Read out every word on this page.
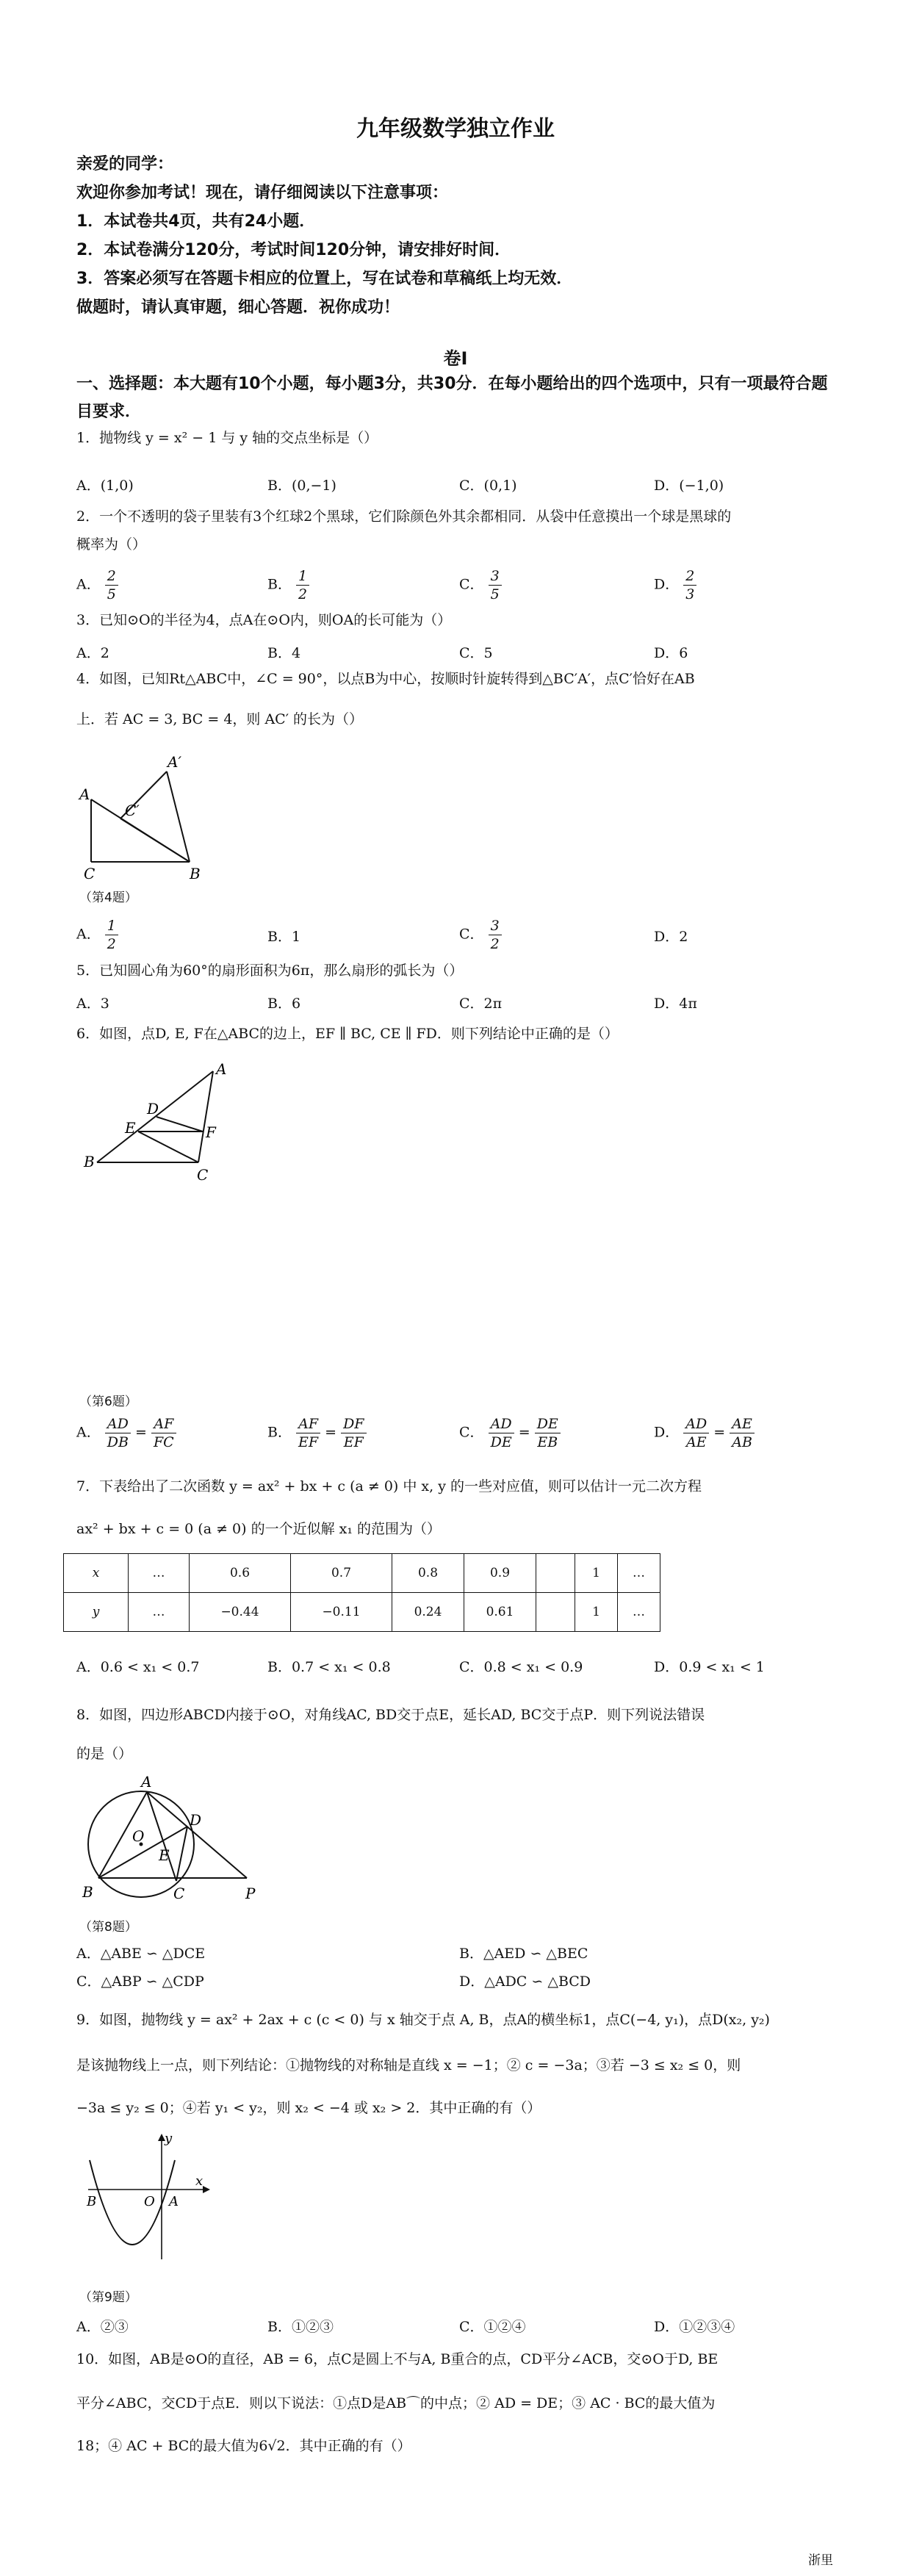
九年级数学独立作业
亲爱的同学：
欢迎你参加考试！现在，请仔细阅读以下注意事项：
1．本试卷共4页，共有24小题．
2．本试卷满分120分，考试时间120分钟，请安排好时间．
3．答案必须写在答题卡相应的位置上，写在试卷和草稿纸上均无效．
做题时，请认真审题，细心答题．祝你成功！
卷Ⅰ
一、选择题：本大题有10个小题，每小题3分，共30分．在每小题给出的四个选项中，只有一项最符合题目要求．
1．抛物线 y = x² − 1 与 y 轴的交点坐标是（）
A．(1,0)	B．(0,−1)	C．(0,1)	D．(−1,0)
2．一个不透明的袋子里装有3个红球2个黑球，它们除颜色外其余都相同．从袋中任意摸出一个球是黑球的
概率为（）
A． $\frac{2}{5}$	B． $\frac{1}{2}$	C． $\frac{3}{5}$	D． $\frac{2}{3}$
3．已知⊙O的半径为4，点A在⊙O内，则OA的长可能为（）
A．2	B．4	C．5	D．6
4．如图，已知Rt△ABC中，∠C = 90°，以点B为中心，按顺时针旋转得到△BC′A′，点C′恰好在AB
上．若 AC = 3, BC = 4，则 AC′ 的长为（）
A′
A
C′
C	B
（第4题）
A． $\frac{1}{2}$	B．1	C． $\frac{3}{2}$	D．2
5．已知圆心角为60°的扇形面积为6π，那么扇形的弧长为（）
A．3	B．6	C．2π	D．4π
6．如图，点D, E, F在△ABC的边上，EF ∥ BC, CE ∥ FD．则下列结论中正确的是（）
A
D
E	F
B
C
（第6题）
A． $\frac{AD}{DB} = \frac{AF}{FC}$	B． $\frac{AF}{EF} = \frac{DF}{EF}$	C． $\frac{AD}{DE} = \frac{DE}{EB}$	D． $\frac{AD}{AE} = \frac{AE}{AB}$
7．下表给出了二次函数 y = ax² + bx + c (a ≠ 0) 中 x, y 的一些对应值，则可以估计一元二次方程
ax² + bx + c = 0 (a ≠ 0) 的一个近似解 x₁ 的范围为（）
x	…	0.6	0.7	0.8	0.9		1	…
y	…	−0.44	−0.11	0.24	0.61		1	…
A．0.6 < x₁ < 0.7	B．0.7 < x₁ < 0.8	C．0.8 < x₁ < 0.9	D．0.9 < x₁ < 1
8．如图，四边形ABCD内接于⊙O，对角线AC, BD交于点E，延长AD, BC交于点P．则下列说法错误
的是（）
A
O
D
E
B	C	P
（第8题）
A．△ABE ∽ △DCE	B．△AED ∽ △BEC
C．△ABP ∽ △CDP	D．△ADC ∽ △BCD
9．如图，抛物线 y = ax² + 2ax + c (c < 0) 与 x 轴交于点 A, B，点A的横坐标1，点C(−4, y₁)，点D(x₂, y₂)
是该抛物线上一点，则下列结论：①抛物线的对称轴是直线 x = −1；② c = −3a；③若 −3 ≤ x₂ ≤ 0，则
−3a ≤ y₂ ≤ 0；④若 y₁ < y₂，则 x₂ < −4 或 x₂ > 2．其中正确的有（）
y
x
B	O A
（第9题）
A．②③	B．①②③	C．①②④	D．①②③④
10．如图，AB是⊙O的直径，AB = 6，点C是圆上不与A, B重合的点，CD平分∠ACB，交⊙O于D, BE
平分∠ABC，交CD于点E．则以下说法：①点D是AB⌒的中点；② AD = DE；③ AC · BC的最大值为
18；④ AC + BC的最大值为6√2．其中正确的有（）
浙里
